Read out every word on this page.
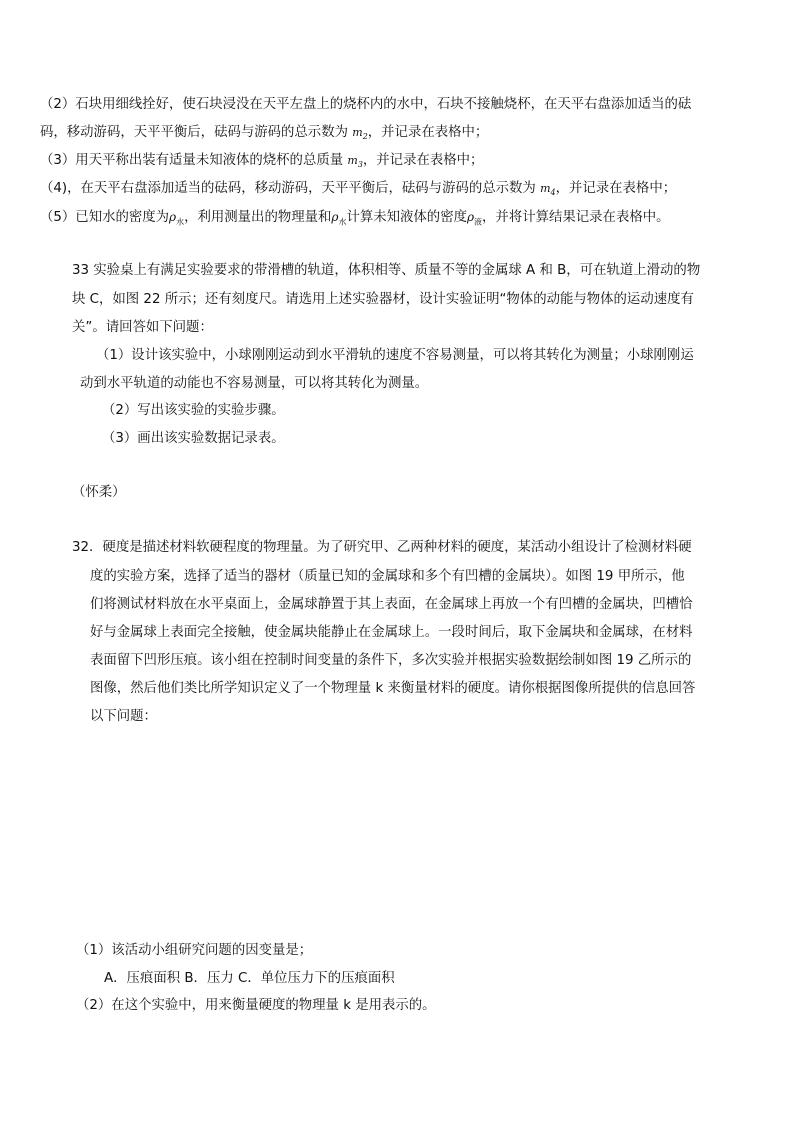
（2）石块用细线拴好，使石块浸没在天平左盘上的烧杯内的水中，石块不接触烧杯，在天平右盘添加适当的砝
码，移动游码，天平平衡后，砝码与游码的总示数为 $m_2$，并记录在表格中；
（3）用天平称出装有适量未知液体的烧杯的总质量 $m_3$，并记录在表格中；
（4)，在天平右盘添加适当的砝码，移动游码，天平平衡后，砝码与游码的总示数为 $m_4$，并记录在表格中；
（5）已知水的密度为$\rho_水$，利用测量出的物理量和$\rho_水$计算未知液体的密度$\rho_液$，并将计算结果记录在表格中。
33 实验桌上有满足实验要求的带滑槽的轨道，体积相等、质量不等的金属球 A 和 B，可在轨道上滑动的物
块 C，如图 22 所示；还有刻度尺。请选用上述实验器材，设计实验证明“物体的动能与物体的运动速度有
关”。请回答如下问题：
（1）设计该实验中，小球刚刚运动到水平滑轨的速度不容易测量，可以将其转化为测量；小球刚刚运
动到水平轨道的动能也不容易测量，可以将其转化为测量。
（2）写出该实验的实验步骤。
（3）画出该实验数据记录表。
（怀柔）
32．硬度是描述材料软硬程度的物理量。为了研究甲、乙两种材料的硬度，某活动小组设计了检测材料硬
度的实验方案，选择了适当的器材（质量已知的金属球和多个有凹槽的金属块）。如图 19 甲所示，他
们将测试材料放在水平桌面上，金属球静置于其上表面，在金属球上再放一个有凹槽的金属块，凹槽恰
好与金属球上表面完全接触，使金属块能静止在金属球上。一段时间后，取下金属块和金属球，在材料
表面留下凹形压痕。该小组在控制时间变量的条件下，多次实验并根据实验数据绘制如图 19 乙所示的
图像，然后他们类比所学知识定义了一个物理量 k 来衡量材料的硬度。请你根据图像所提供的信息回答
以下问题：
（1）该活动小组研究问题的因变量是；
A．压痕面积 B．压力 C．单位压力下的压痕面积
（2）在这个实验中，用来衡量硬度的物理量 k 是用表示的。
